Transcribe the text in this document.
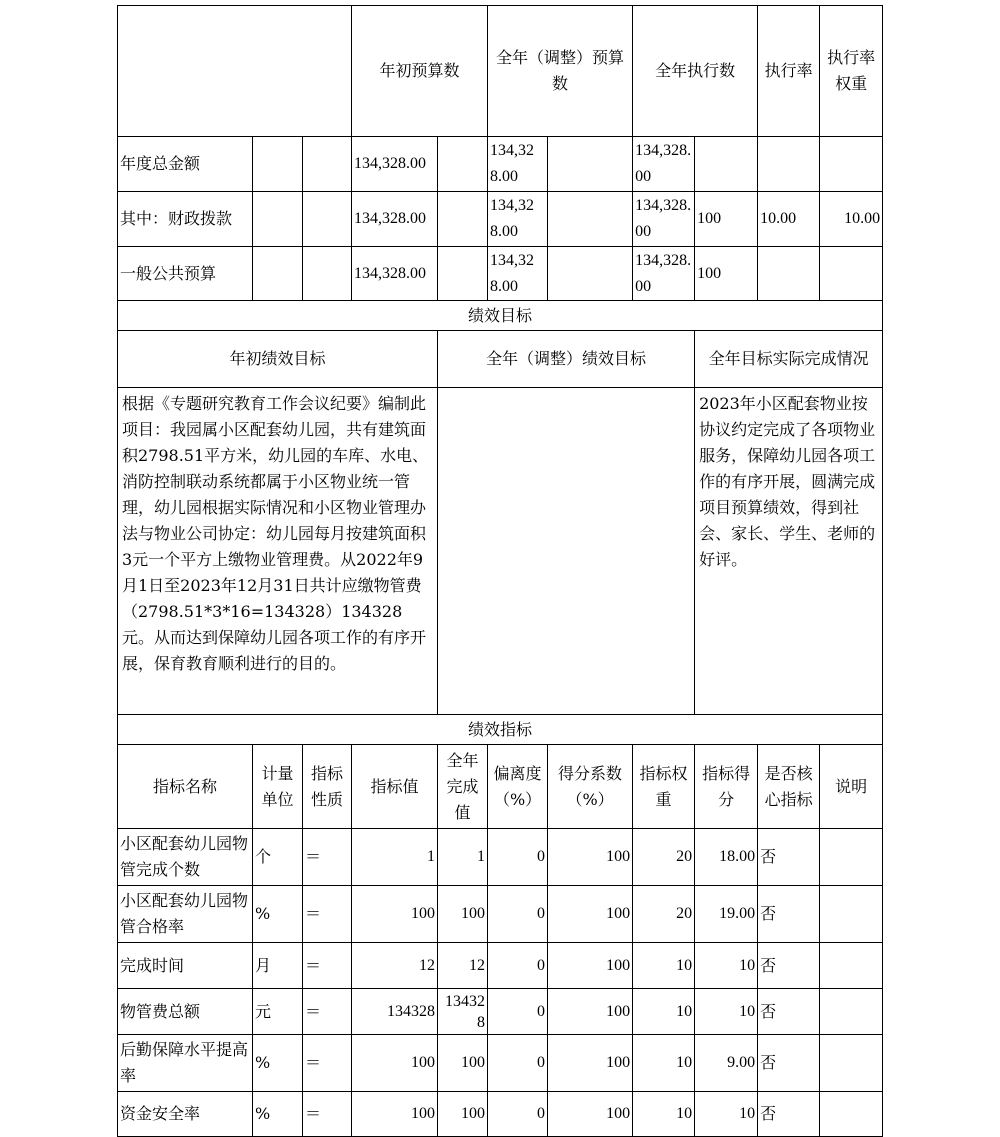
			年初预算数		全年（调整）预算数		全年执行数		执行率	执行率权重	
年度总金额			134,328.00		134,328.00		134,328.00				
其中：财政拨款			134,328.00		134,328.00		134,328.00	100	10.00	10.00	
一般公共预算			134,328.00		134,328.00		134,328.00	100			
绩效目标											
年初绩效目标				全年（调整）绩效目标				全年目标实际完成情况			
根据《专题研究教育工作会议纪要》编制此项目：我园属小区配套幼儿园，共有建筑面积2798.51平方米，幼儿园的车库、水电、消防控制联动系统都属于小区物业统一管理，幼儿园根据实际情况和小区物业管理办法与物业公司协定：幼儿园每月按建筑面积3元一个平方上缴物业管理费。从2022年9月1日至2023年12月31日共计应缴物管费（2798.51*3*16=134328）134328元。从而达到保障幼儿园各项工作的有序开展，保育教育顺利进行的目的。								2023年小区配套物业按协议约定完成了各项物业服务，保障幼儿园各项工作的有序开展，圆满完成项目预算绩效，得到社会、家长、学生、老师的好评。			
绩效指标											
指标名称	计量单位	指标性质	指标值	全年完成值	偏离度（%）	得分系数（%）	指标权重	指标得分	是否核心指标	说明	
小区配套幼儿园物管完成个数	个	＝	1	1	0	100	20	18.00	否		
小区配套幼儿园物管合格率	%	＝	100	100	0	100	20	19.00	否		
完成时间	月	＝	12	12	0	100	10	10	否		
物管费总额	元	＝	134328	134328	0	100	10	10	否		
后勤保障水平提高率	%	＝	100	100	0	100	10	9.00	否		
资金安全率	%	＝	100	100	0	100	10	10	否		
